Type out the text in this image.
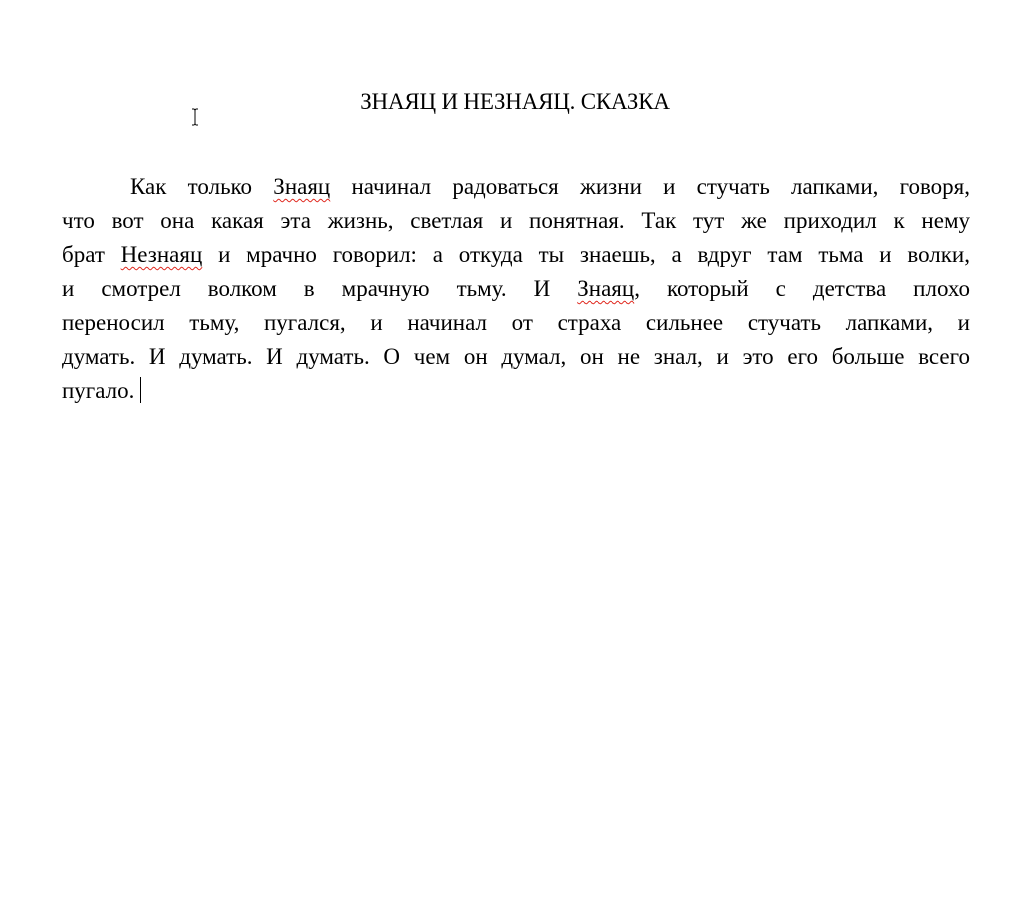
ЗНАЯЦ И НЕЗНАЯЦ. СКАЗКА
Как только Знаяц начинал радоваться жизни и стучать лапками, говоря,
что вот она какая эта жизнь, светлая и понятная. Так тут же приходил к нему
брат Незнаяц и мрачно говорил: а откуда ты знаешь, а вдруг там тьма и волки,
и смотрел волком в мрачную тьму. И Знаяц, который с детства плохо
переносил тьму, пугался, и начинал от страха сильнее стучать лапками, и
думать. И думать. И думать. О чем он думал, он не знал, и это его больше всего
пугало.
